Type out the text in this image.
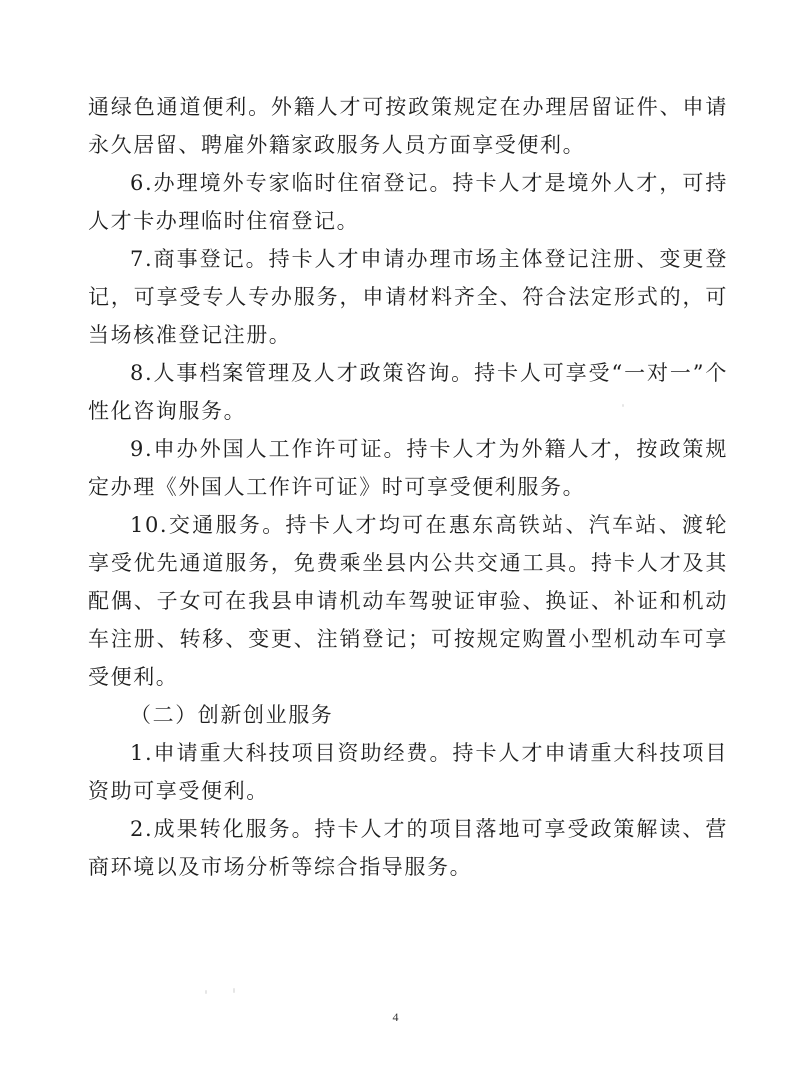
通绿色通道便利。外籍人才可按政策规定在办理居留证件、申请永久居留、聘雇外籍家政服务人员方面享受便利。

6.办理境外专家临时住宿登记。持卡人才是境外人才，可持人才卡办理临时住宿登记。

7.商事登记。持卡人才申请办理市场主体登记注册、变更登记，可享受专人专办服务，申请材料齐全、符合法定形式的，可当场核准登记注册。

8.人事档案管理及人才政策咨询。持卡人可享受“一对一”个性化咨询服务。

9.申办外国人工作许可证。持卡人才为外籍人才，按政策规定办理《外国人工作许可证》时可享受便利服务。

10.交通服务。持卡人才均可在惠东高铁站、汽车站、渡轮享受优先通道服务，免费乘坐县内公共交通工具。持卡人才及其配偶、子女可在我县申请机动车驾驶证审验、换证、补证和机动车注册、转移、变更、注销登记；可按规定购置小型机动车可享受便利。

（二）创新创业服务

1.申请重大科技项目资助经费。持卡人才申请重大科技项目资助可享受便利。

2.成果转化服务。持卡人才的项目落地可享受政策解读、营商环境以及市场分析等综合指导服务。

4
